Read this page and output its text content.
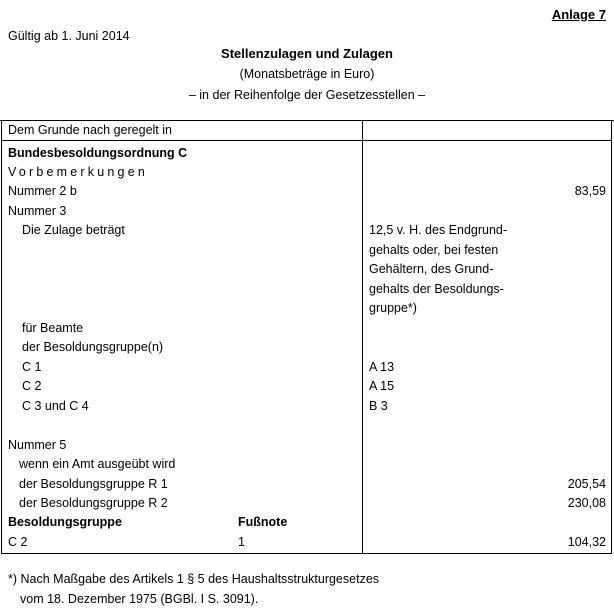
Anlage 7
Gültig ab 1. Juni 2014
Stellenzulagen und Zulagen
(Monatsbeträge in Euro)
– in der Reihenfolge der Gesetzesstellen –
Dem Grunde nach geregelt in
Bundesbesoldungsordnung C
Vorbemerkungen
Nummer 2 b	83,59
Nummer 3
Die Zulage beträgt	12,5 v. H. des Endgrund-
gehalts oder, bei festen
Gehältern, des Grund-
gehalts der Besoldungs-
gruppe*)
für Beamte
der Besoldungsgruppe(n)
C 1	A 13
C 2	A 15
C 3 und C 4	B 3
Nummer 5
wenn ein Amt ausgeübt wird
der Besoldungsgruppe R 1	205,54
der Besoldungsgruppe R 2	230,08
Besoldungsgruppe	Fußnote
C 2	1	104,32
*) Nach Maßgabe des Artikels 1 § 5 des Haushaltsstrukturgesetzes
vom 18. Dezember 1975 (BGBl. I S. 3091).
